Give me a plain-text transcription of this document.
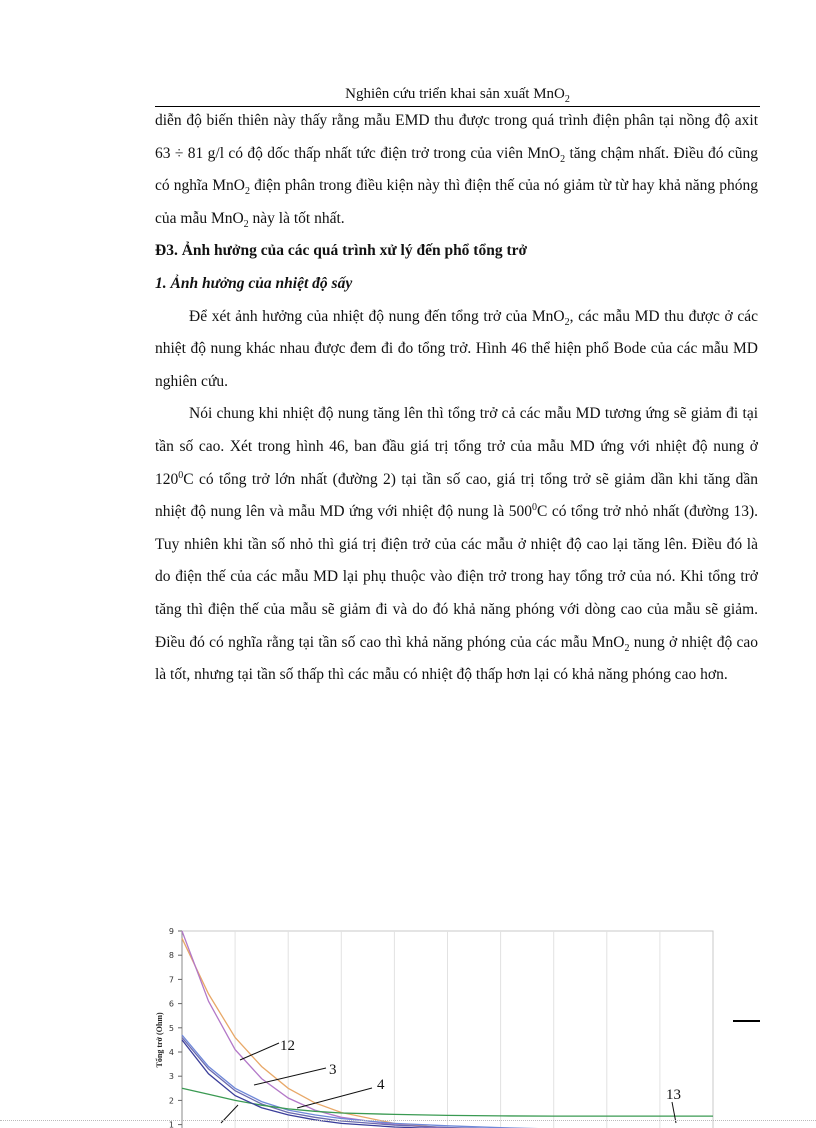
Nghiên cứu triển khai sản xuất MnO$_2$

diễn độ biến thiên này thấy rằng mẫu EMD thu được trong quá trình điện phân tại nồng độ axit 63 ÷ 81 g/l có độ dốc thấp nhất tức điện trở trong của viên MnO$_2$ tăng chậm nhất. Điều đó cũng có nghĩa MnO$_2$ điện phân trong điều kiện này thì điện thế của nó giảm từ từ hay khả năng phóng của mẫu MnO$_2$ này là tốt nhất.

Đ3. Ảnh hưởng của các quá trình xử lý đến phổ tổng trở

1. Ảnh hưởng của nhiệt độ sấy

Để xét ảnh hưởng của nhiệt độ nung đến tổng trở của MnO$_2$, các mẫu MD thu được ở các nhiệt độ nung khác nhau được đem đi đo tổng trở. Hình 46 thể hiện phổ Bode của các mẫu MD nghiên cứu.

Nói chung khi nhiệt độ nung tăng lên thì tổng trở cả các mẫu MD tương ứng sẽ giảm đi tại tần số cao. Xét trong hình 46, ban đầu giá trị tổng trở của mẫu MD ứng với nhiệt độ nung ở $120^0C$ có tổng trở lớn nhất (đường 2) tại tần số cao, giá trị tổng trở sẽ giảm dần khi tăng dần nhiệt độ nung lên và mẫu MD ứng với nhiệt độ nung là $500^0C$ có tổng trở nhỏ nhất (đường 13). Tuy nhiên khi tần số nhỏ thì giá trị điện trở của các mẫu ở nhiệt độ cao lại tăng lên. Điều đó là do điện thế của các mẫu MD lại phụ thuộc vào điện trở trong hay tổng trở của nó. Khi tổng trở tăng thì điện thế của mẫu sẽ giảm đi và do đó khả năng phóng với dòng cao của mẫu sẽ giảm. Điều đó có nghĩa rằng tại tần số cao thì khả năng phóng của các mẫu MnO$_2$ nung ở nhiệt độ cao là tốt, nhưng tại tần số thấp thì các mẫu có nhiệt độ thấp hơn lại có khả năng phóng cao hơn.

1
2
3
4
5
6
7
8
9
Tổng trở (Ohm)	12
3
4
13
